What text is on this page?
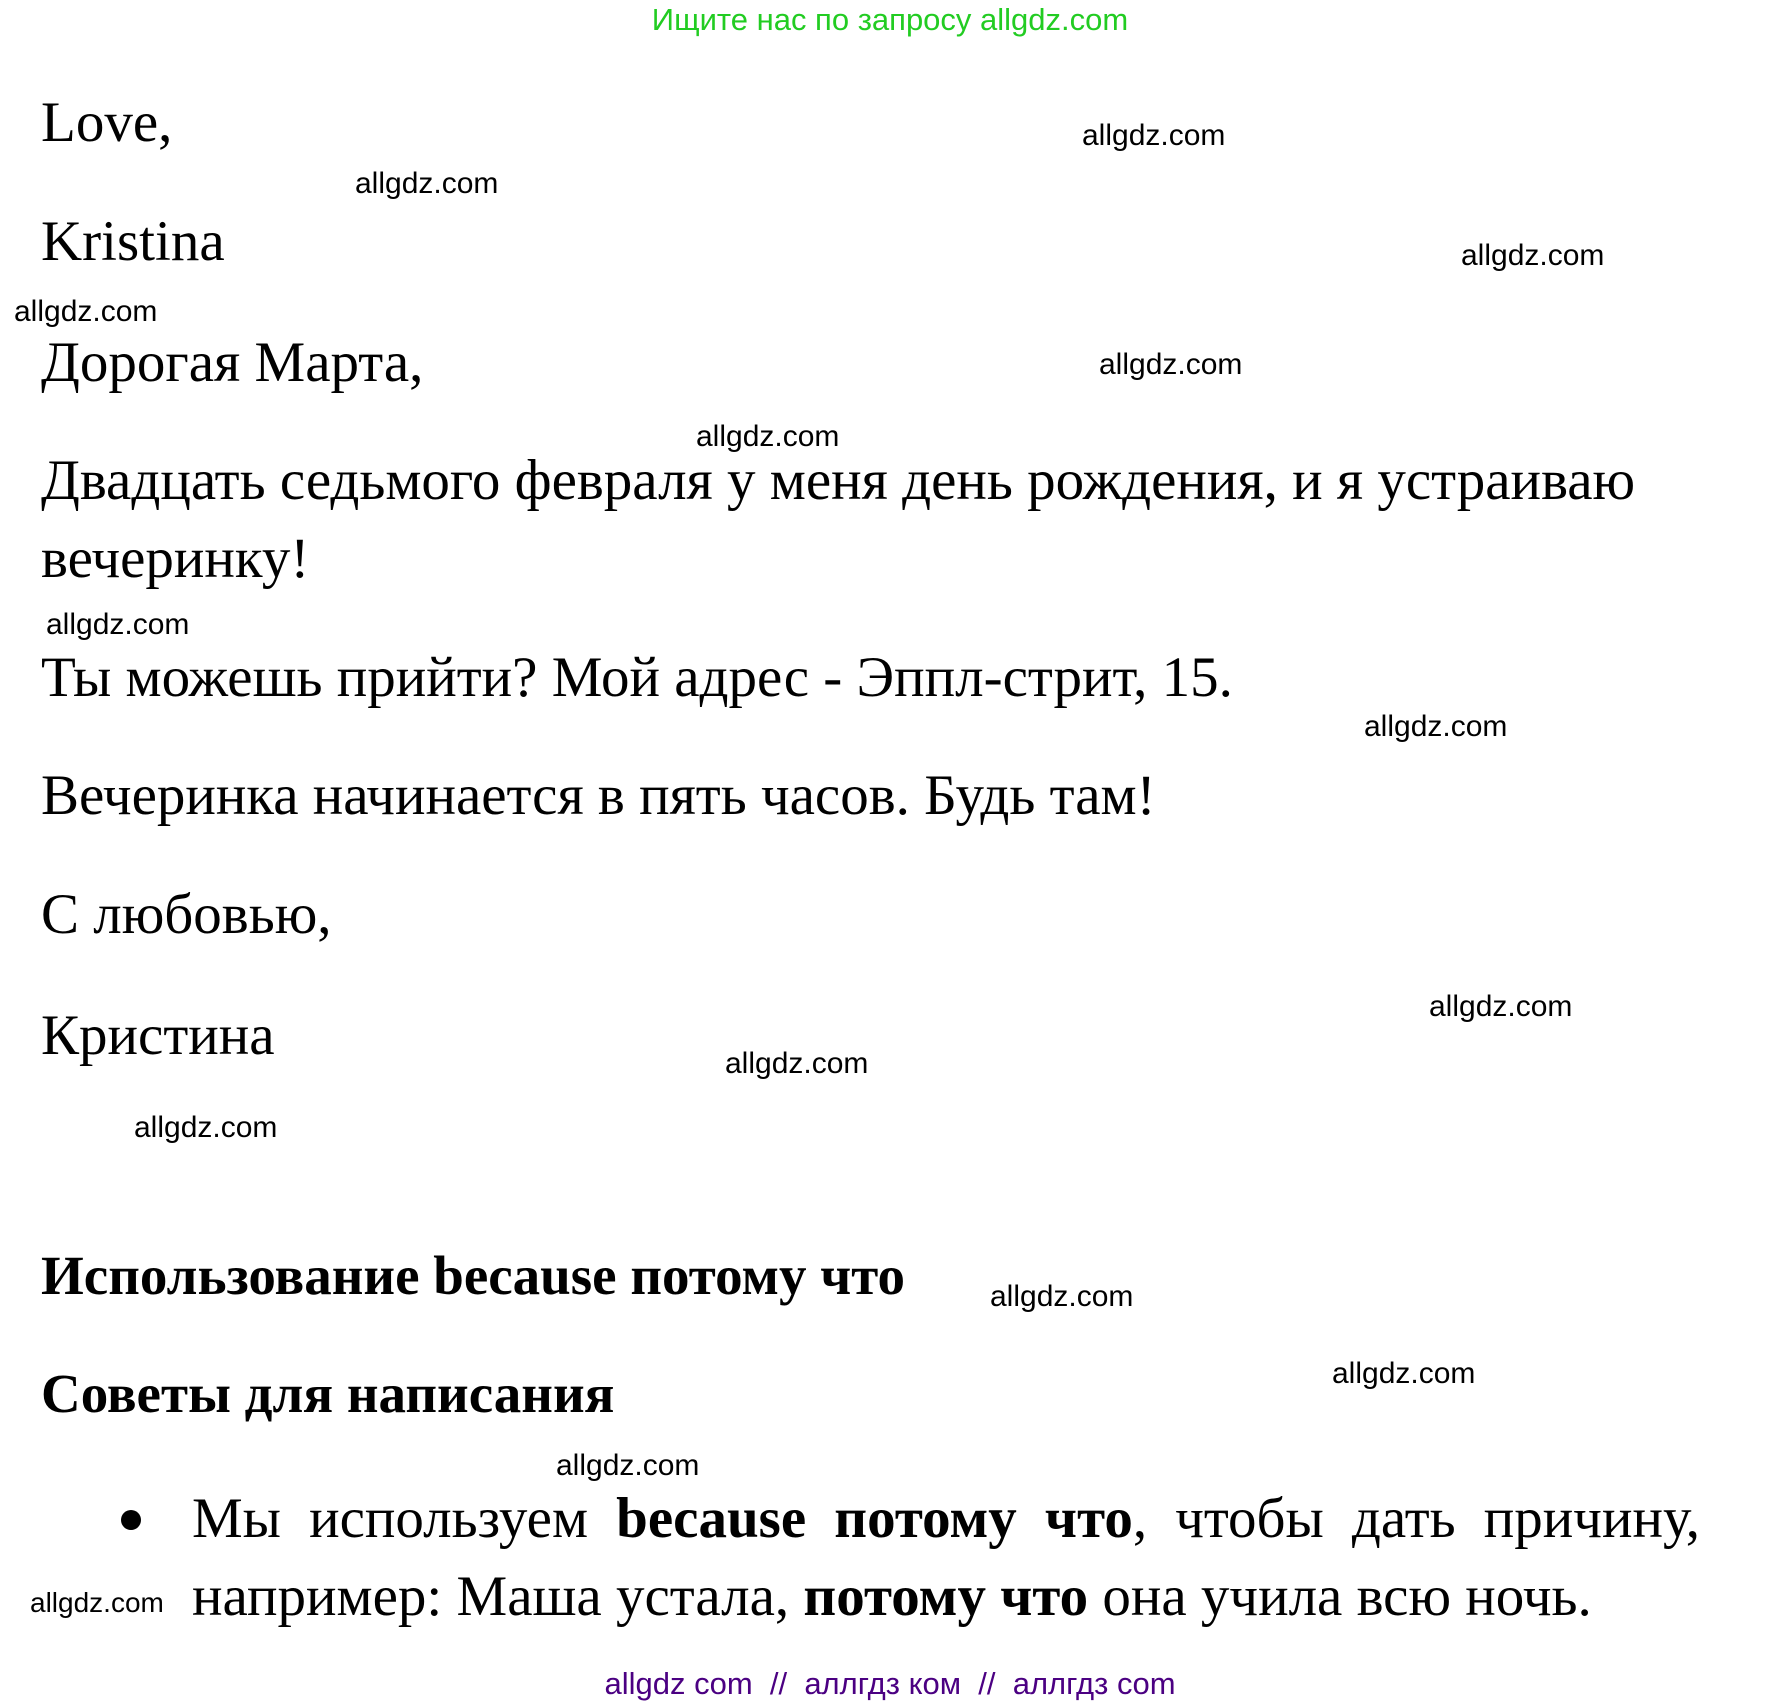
Ищите нас по запросу allgdz.com
Love,
Kristina
Дорогая Марта,
Двадцать седьмого февраля у меня день рождения, и я устраиваю вечеринку!
Ты можешь прийти? Мой адрес - Эппл-стрит, 15.
Вечеринка начинается в пять часов. Будь там!
С любовью,
Кристина
Использование because потому что
Советы для написания
Мы используем because потому что, чтобы дать причину, например: Маша устала, потому что она учила всю ночь.
allgdz.com
allgdz.com
allgdz.com
allgdz.com
allgdz.com
allgdz.com
allgdz.com
allgdz.com
allgdz.com
allgdz.com
allgdz.com
allgdz.com
allgdz.com
allgdz.com
allgdz.com
allgdz com  //  аллгдз ком  //  аллгдз com
